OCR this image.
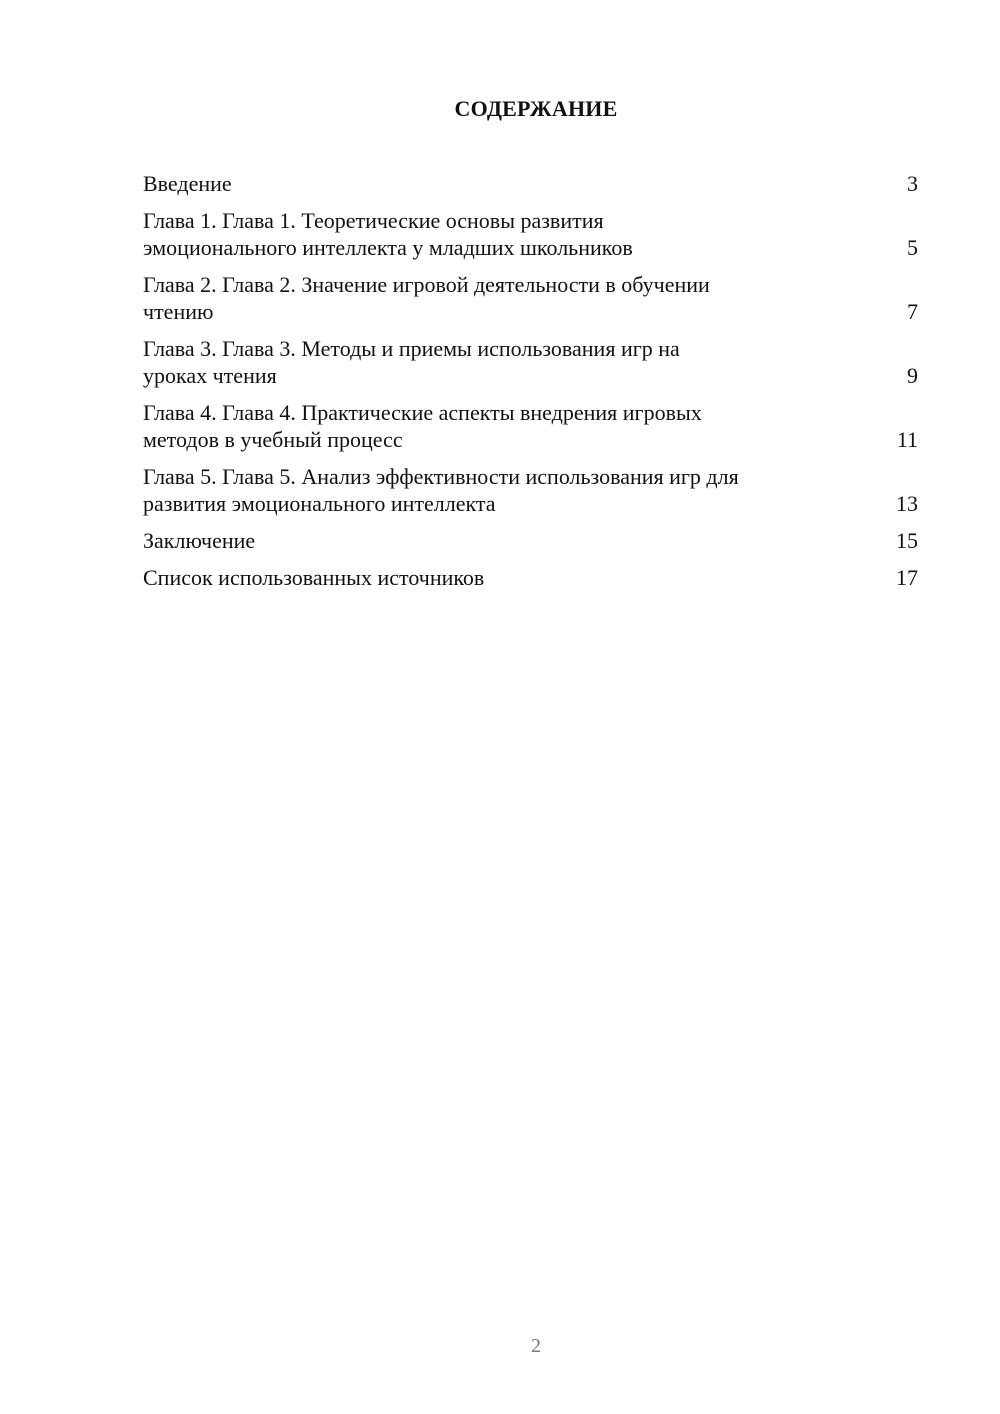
СОДЕРЖАНИЕ
Введение	3
Глава 1. Глава 1. Теоретические основы развития
эмоционального интеллекта у младших школьников	5
Глава 2. Глава 2. Значение игровой деятельности в обучении
чтению	7
Глава 3. Глава 3. Методы и приемы использования игр на
уроках чтения	9
Глава 4. Глава 4. Практические аспекты внедрения игровых
методов в учебный процесс	11
Глава 5. Глава 5. Анализ эффективности использования игр для
развития эмоционального интеллекта	13
Заключение	15
Список использованных источников	17
2
